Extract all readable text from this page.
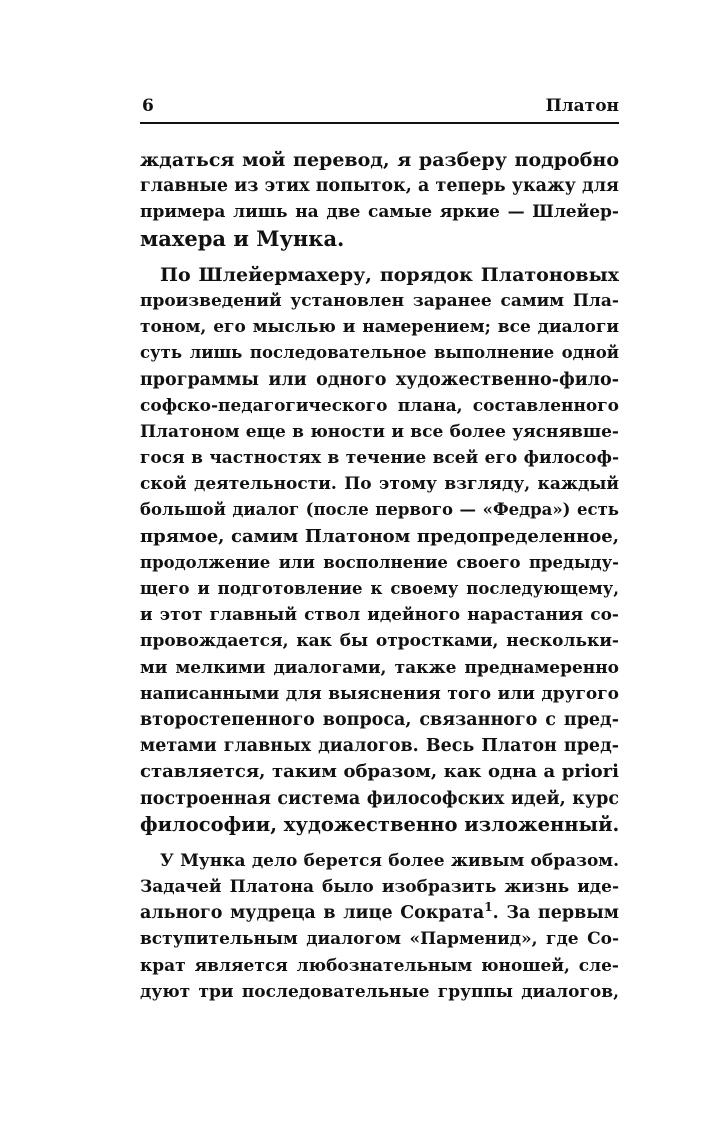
6	Платон
ждаться мой перевод, я разберу подробно
главные из этих попыток, а теперь укажу для
примера лишь на две самые яркие — Шлейер-
махера и Мунка.
По Шлейермахеру, порядок Платоновых
произведений установлен заранее самим Пла-
тоном, его мыслью и намерением; все диалоги
суть лишь последовательное выполнение одной
программы или одного художественно-фило-
софско-педагогического плана, составленного
Платоном еще в юности и все более уяснявше-
гося в частностях в течение всей его философ-
ской деятельности. По этому взгляду, каждый
большой диалог (после первого — «Федра») есть
прямое, самим Платоном предопределенное,
продолжение или восполнение своего предыду-
щего и подготовление к своему последующему,
и этот главный ствол идейного нарастания со-
провождается, как бы отростками, нескольки-
ми мелкими диалогами, также преднамеренно
написанными для выяснения того или другого
второстепенного вопроса, связанного с пред-
метами главных диалогов. Весь Платон пред-
ставляется, таким образом, как одна a priori
построенная система философских идей, курс
философии, художественно изложенный.
У Мунка дело берется более живым образом.
Задачей Платона было изобразить жизнь иде-
ального мудреца в лице Сократа$^1$. За первым
вступительным диалогом «Парменид», где Со-
крат является любознательным юношей, сле-
дуют три последовательные группы диалогов,
